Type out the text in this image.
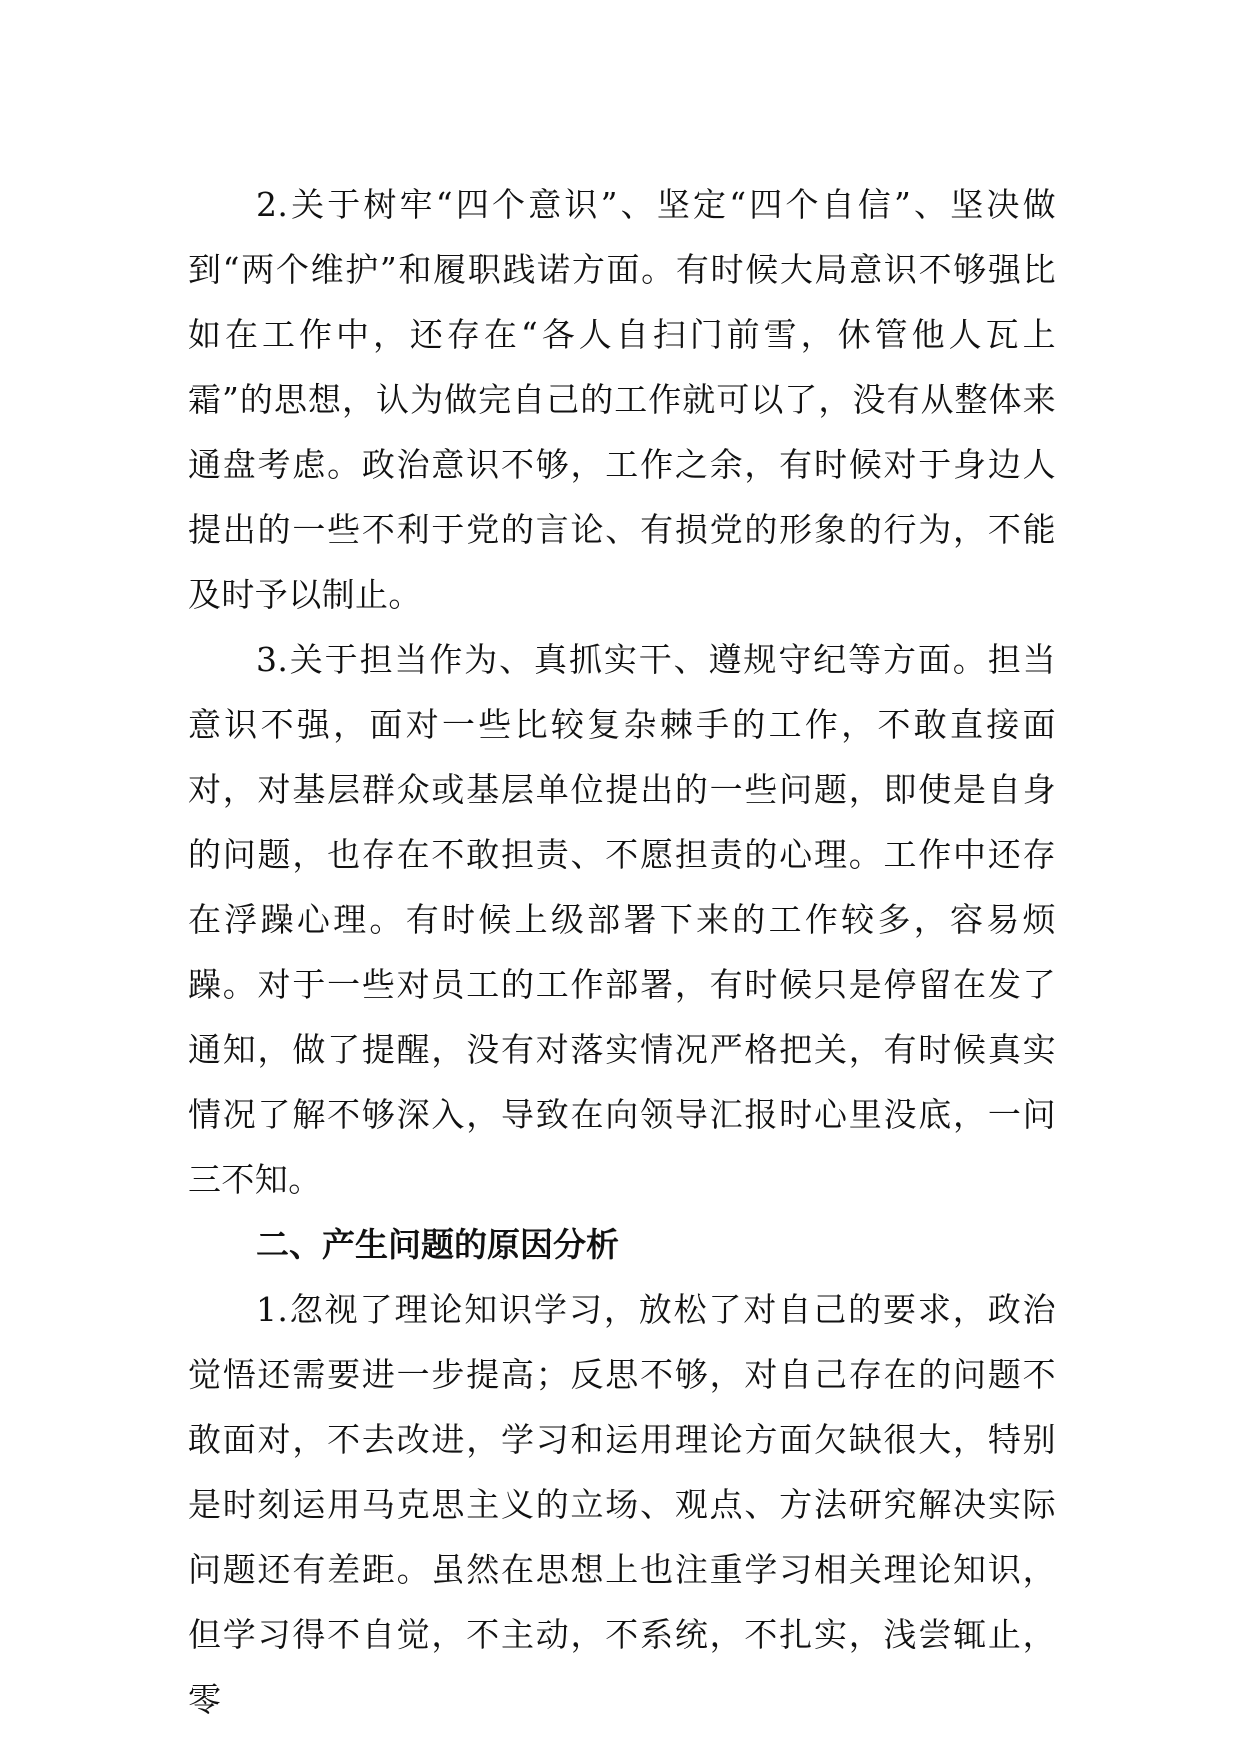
2.关于树牢“四个意识”、坚定“四个自信”、坚决做到“两个维护”和履职践诺方面。有时候大局意识不够强比如在工作中，还存在“各人自扫门前雪，休管他人瓦上霜”的思想，认为做完自己的工作就可以了，没有从整体来通盘考虑。政治意识不够，工作之余，有时候对于身边人提出的一些不利于党的言论、有损党的形象的行为，不能及时予以制止。

3.关于担当作为、真抓实干、遵规守纪等方面。担当意识不强，面对一些比较复杂棘手的工作，不敢直接面对，对基层群众或基层单位提出的一些问题，即使是自身的问题，也存在不敢担责、不愿担责的心理。工作中还存在浮躁心理。有时候上级部署下来的工作较多，容易烦躁。对于一些对员工的工作部署，有时候只是停留在发了通知，做了提醒，没有对落实情况严格把关，有时候真实情况了解不够深入，导致在向领导汇报时心里没底，一问三不知。

二、产生问题的原因分析

1.忽视了理论知识学习，放松了对自己的要求，政治觉悟还需要进一步提高；反思不够，对自己存在的问题不敢面对，不去改进，学习和运用理论方面欠缺很大，特别是时刻运用马克思主义的立场、观点、方法研究解决实际问题还有差距。虽然在思想上也注重学习相关理论知识，但学习得不自觉，不主动，不系统，不扎实，浅尝辄止，零
